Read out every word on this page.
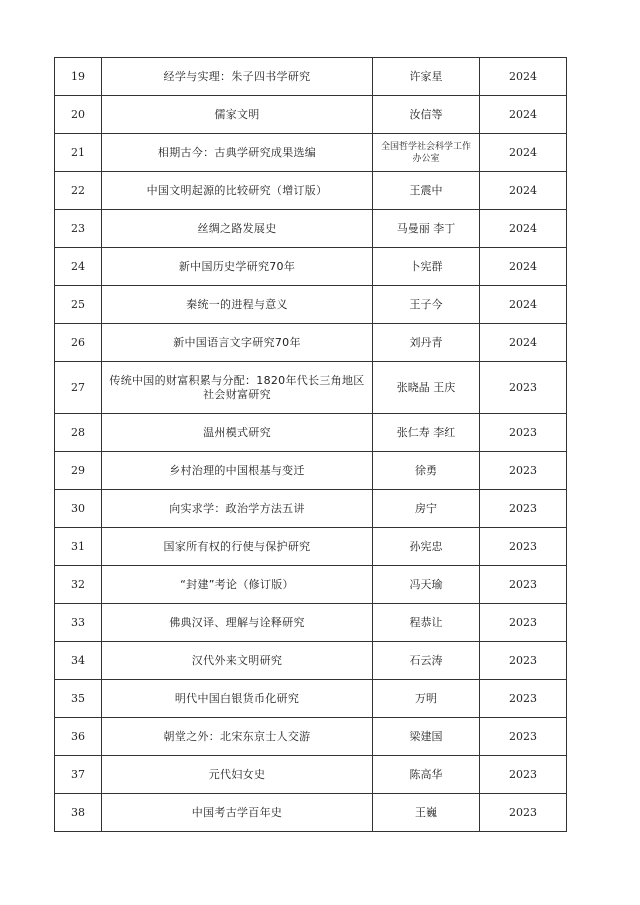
19	经学与实理：朱子四书学研究	许家星	2024
20	儒家文明	汝信等	2024
21	相期古今：古典学研究成果选编	全国哲学社会科学工作办公室	2024
22	中国文明起源的比较研究（增订版）	王震中	2024
23	丝绸之路发展史	马曼丽 李丁	2024
24	新中国历史学研究70年	卜宪群	2024
25	秦统一的进程与意义	王子今	2024
26	新中国语言文字研究70年	刘丹青	2024
27	传统中国的财富积累与分配：1820年代长三角地区社会财富研究	张晓晶 王庆	2023
28	温州模式研究	张仁寿 李红	2023
29	乡村治理的中国根基与变迁	徐勇	2023
30	向实求学：政治学方法五讲	房宁	2023
31	国家所有权的行使与保护研究	孙宪忠	2023
32	“封建”考论（修订版）	冯天瑜	2023
33	佛典汉译、理解与诠释研究	程恭让	2023
34	汉代外来文明研究	石云涛	2023
35	明代中国白银货币化研究	万明	2023
36	朝堂之外：北宋东京士人交游	梁建国	2023
37	元代妇女史	陈高华	2023
38	中国考古学百年史	王巍	2023
